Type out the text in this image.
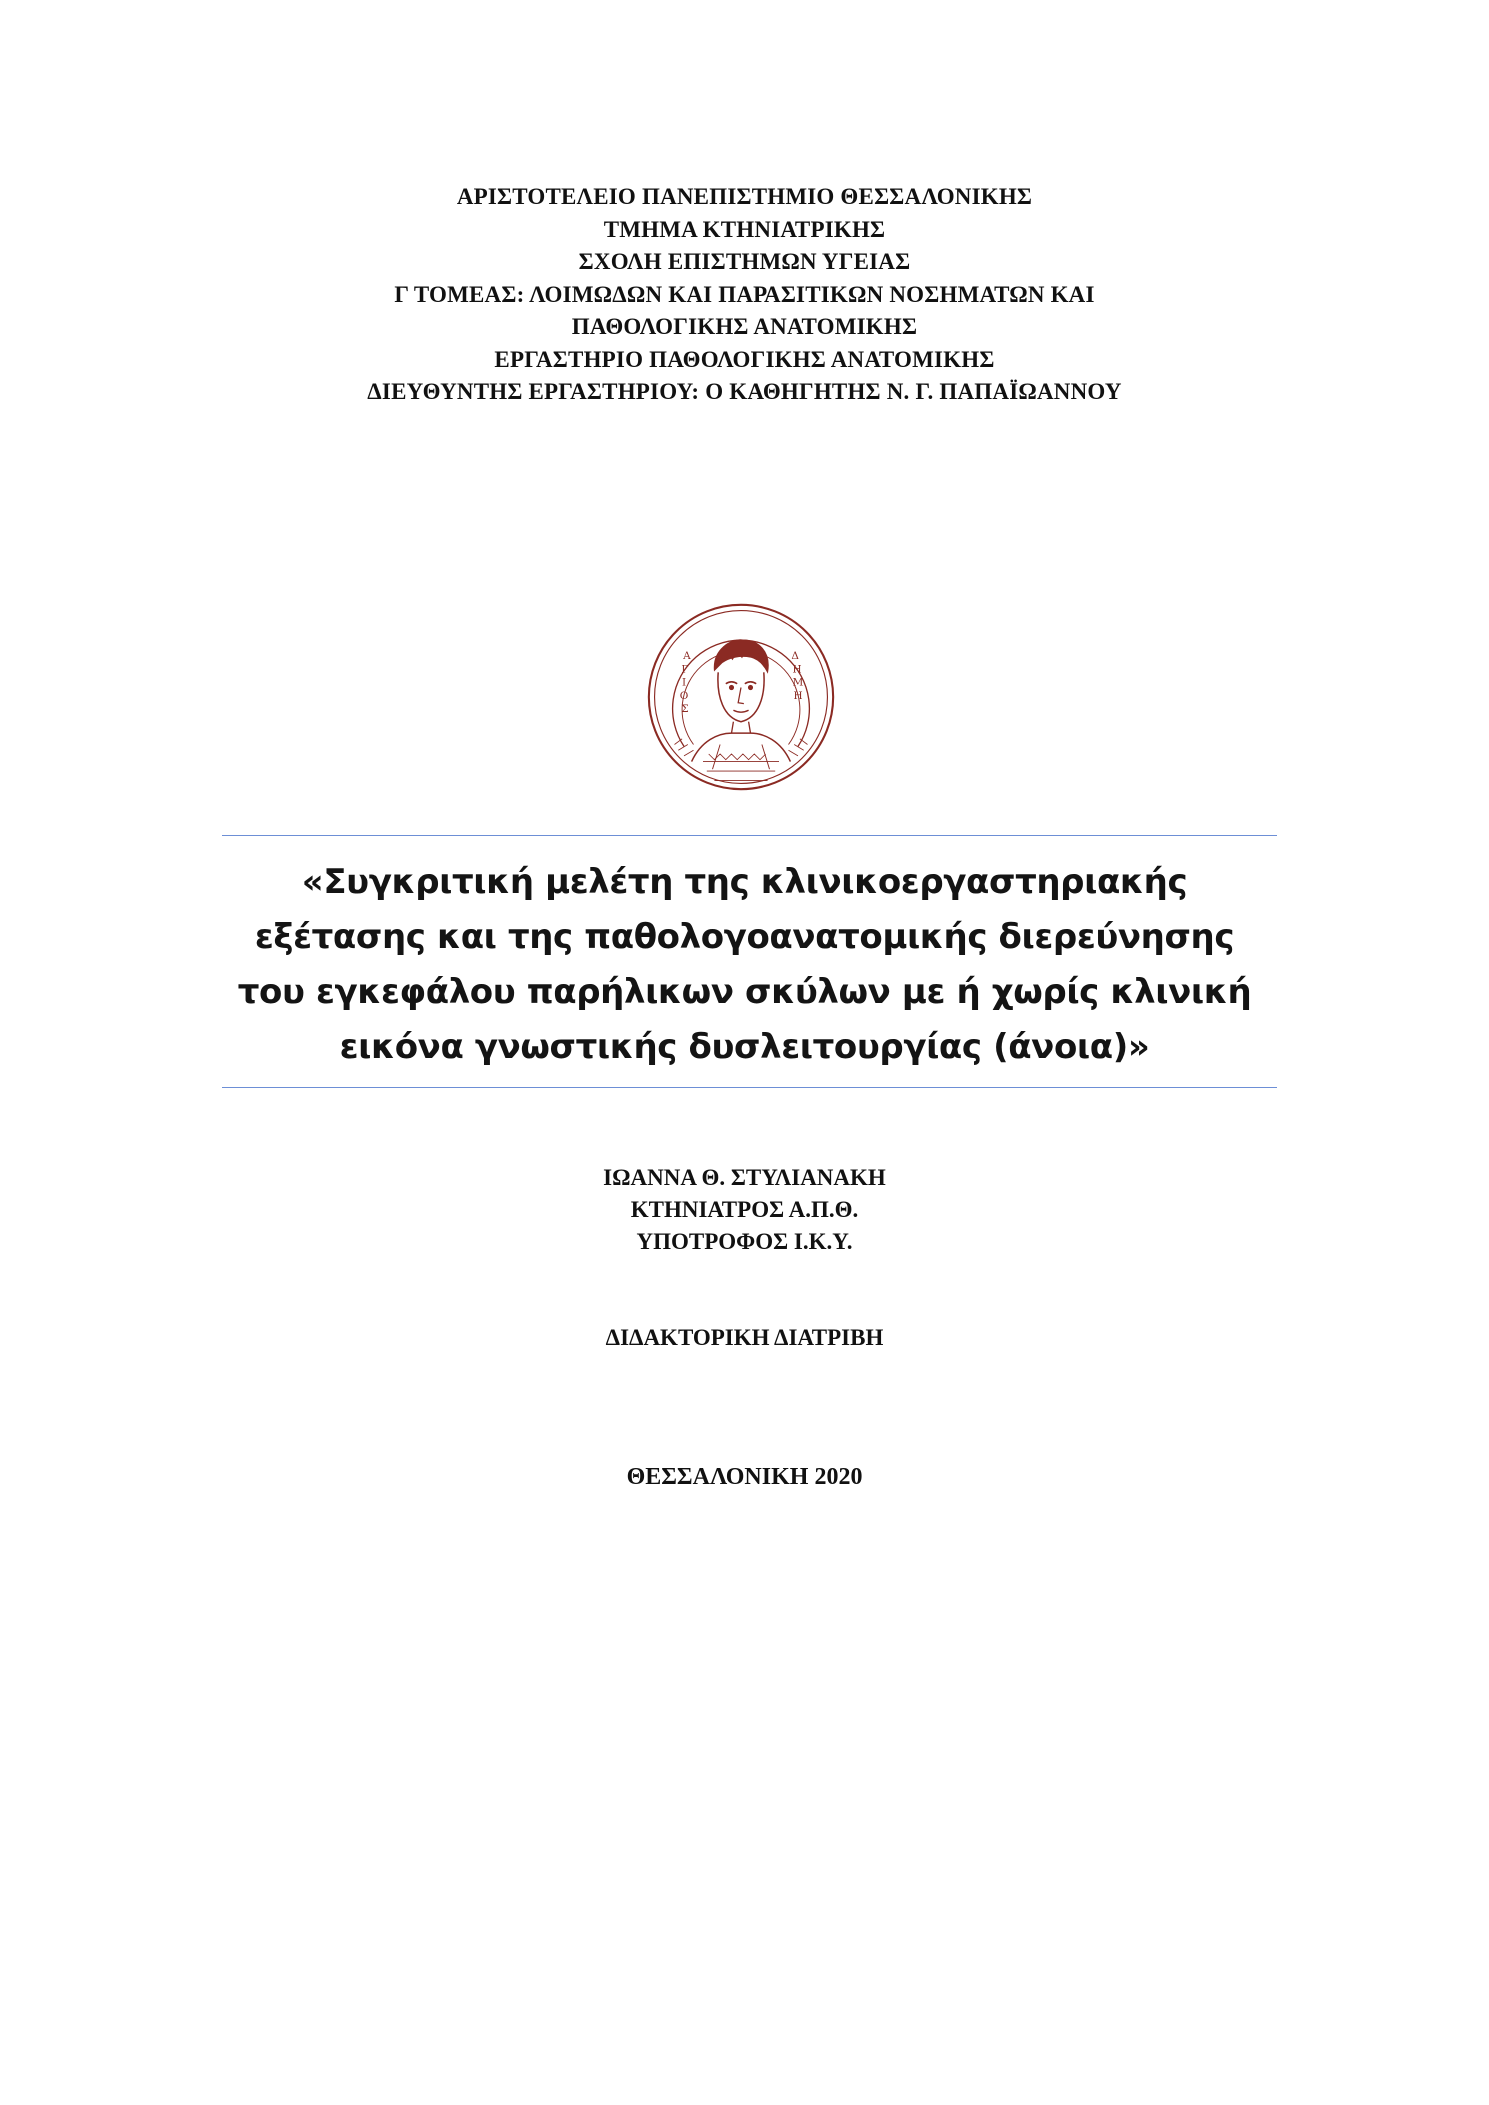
ΑΡΙΣΤΟΤΕΛΕΙΟ ΠΑΝΕΠΙΣΤΗΜΙΟ ΘΕΣΣΑΛΟΝΙΚΗΣ
ΤΜΗΜΑ ΚΤΗΝΙΑΤΡΙΚΗΣ
ΣΧΟΛΗ ΕΠΙΣΤΗΜΩΝ ΥΓΕΙΑΣ
Γ ΤΟΜΕΑΣ: ΛΟΙΜΩΔΩΝ ΚΑΙ ΠΑΡΑΣΙΤΙΚΩΝ ΝΟΣΗΜΑΤΩΝ ΚΑΙ
ΠΑΘΟΛΟΓΙΚΗΣ ΑΝΑΤΟΜΙΚΗΣ
ΕΡΓΑΣΤΗΡΙΟ ΠΑΘΟΛΟΓΙΚΗΣ ΑΝΑΤΟΜΙΚΗΣ
ΔΙΕΥΘΥΝΤΗΣ ΕΡΓΑΣΤΗΡΙΟΥ: Ο ΚΑΘΗΓΗΤΗΣ Ν. Γ. ΠΑΠΑΪΩΑΝΝΟΥ
Α
Γ
Ι
Ο
Σ
Δ
Η
Μ
Η
«Συγκριτική μελέτη της κλινικοεργαστηριακής
εξέτασης και της παθολογοανατομικής διερεύνησης
του εγκεφάλου παρήλικων σκύλων με ή χωρίς κλινική
εικόνα γνωστικής δυσλειτουργίας (άνοια)»
ΙΩΑΝΝΑ Θ. ΣΤΥΛΙΑΝΑΚΗ
ΚΤΗΝΙΑΤΡΟΣ Α.Π.Θ.
ΥΠΟΤΡΟΦΟΣ Ι.Κ.Υ.
ΔΙΔΑΚΤΟΡΙΚΗ ΔΙΑΤΡΙΒΗ
ΘΕΣΣΑΛΟΝΙΚΗ 2020
